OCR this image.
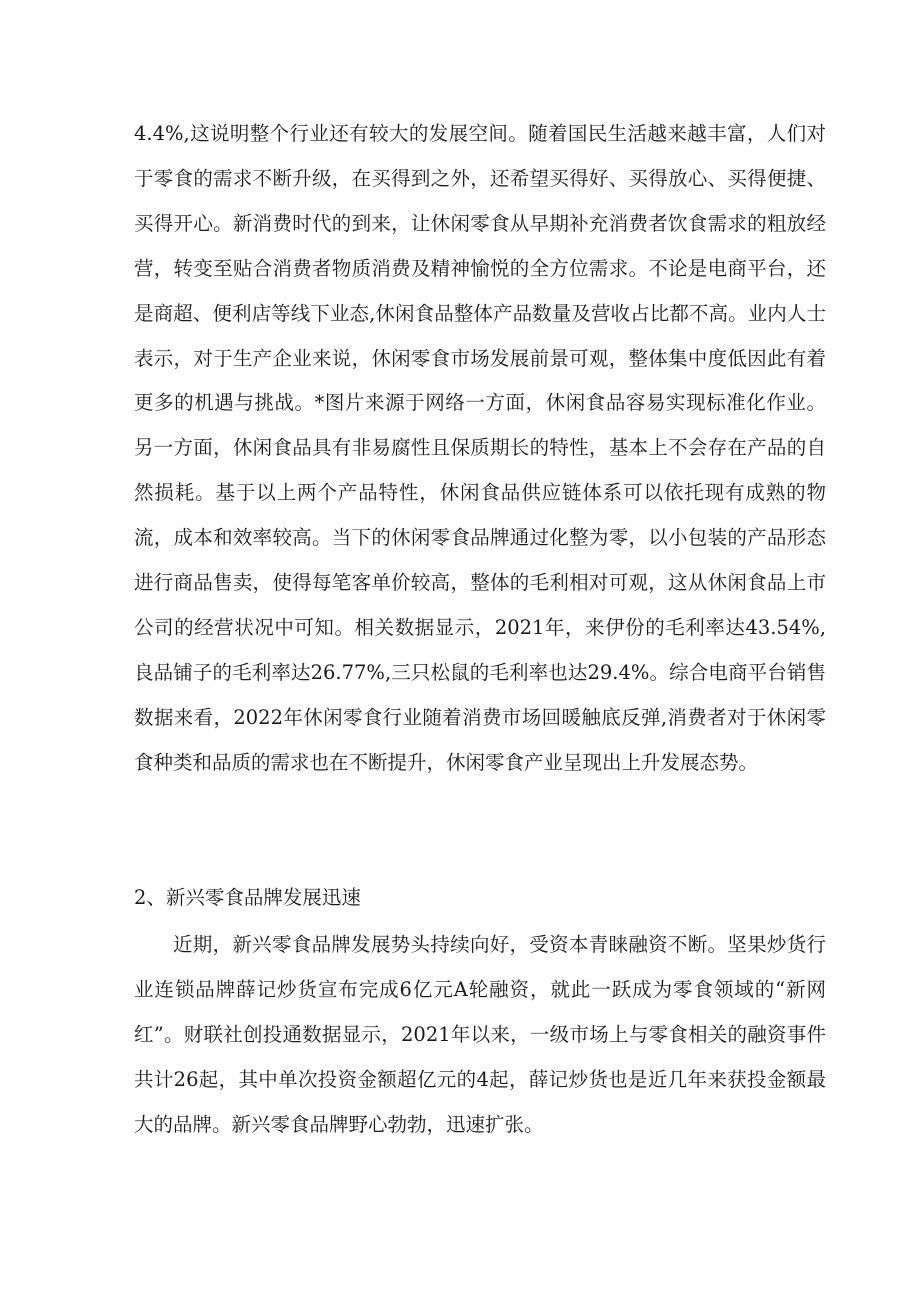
4.4%,这说明整个行业还有较大的发展空间。随着国民生活越来越丰富，人们对于零食的需求不断升级，在买得到之外，还希望买得好、买得放心、买得便捷、买得开心。新消费时代的到来，让休闲零食从早期补充消费者饮食需求的粗放经营，转变至贴合消费者物质消费及精神愉悦的全方位需求。不论是电商平台，还是商超、便利店等线下业态,休闲食品整体产品数量及营收占比都不高。业内人士表示，对于生产企业来说，休闲零食市场发展前景可观，整体集中度低因此有着更多的机遇与挑战。*图片来源于网络一方面，休闲食品容易实现标准化作业。另一方面，休闲食品具有非易腐性且保质期长的特性，基本上不会存在产品的自然损耗。基于以上两个产品特性，休闲食品供应链体系可以依托现有成熟的物流，成本和效率较高。当下的休闲零食品牌通过化整为零，以小包装的产品形态进行商品售卖，使得每笔客单价较高，整体的毛利相对可观，这从休闲食品上市公司的经营状况中可知。相关数据显示，2021年，来伊份的毛利率达43.54%,良品铺子的毛利率达26.77%,三只松鼠的毛利率也达29.4%。综合电商平台销售数据来看，2022年休闲零食行业随着消费市场回暖触底反弹,消费者对于休闲零食种类和品质的需求也在不断提升，休闲零食产业呈现出上升发展态势。

2、新兴零食品牌发展迅速

近期，新兴零食品牌发展势头持续向好，受资本青睐融资不断。坚果炒货行业连锁品牌薛记炒货宣布完成6亿元A轮融资，就此一跃成为零食领域的“新网红”。财联社创投通数据显示，2021年以来，一级市场上与零食相关的融资事件共计26起，其中单次投资金额超亿元的4起，薛记炒货也是近几年来获投金额最大的品牌。新兴零食品牌野心勃勃，迅速扩张。
